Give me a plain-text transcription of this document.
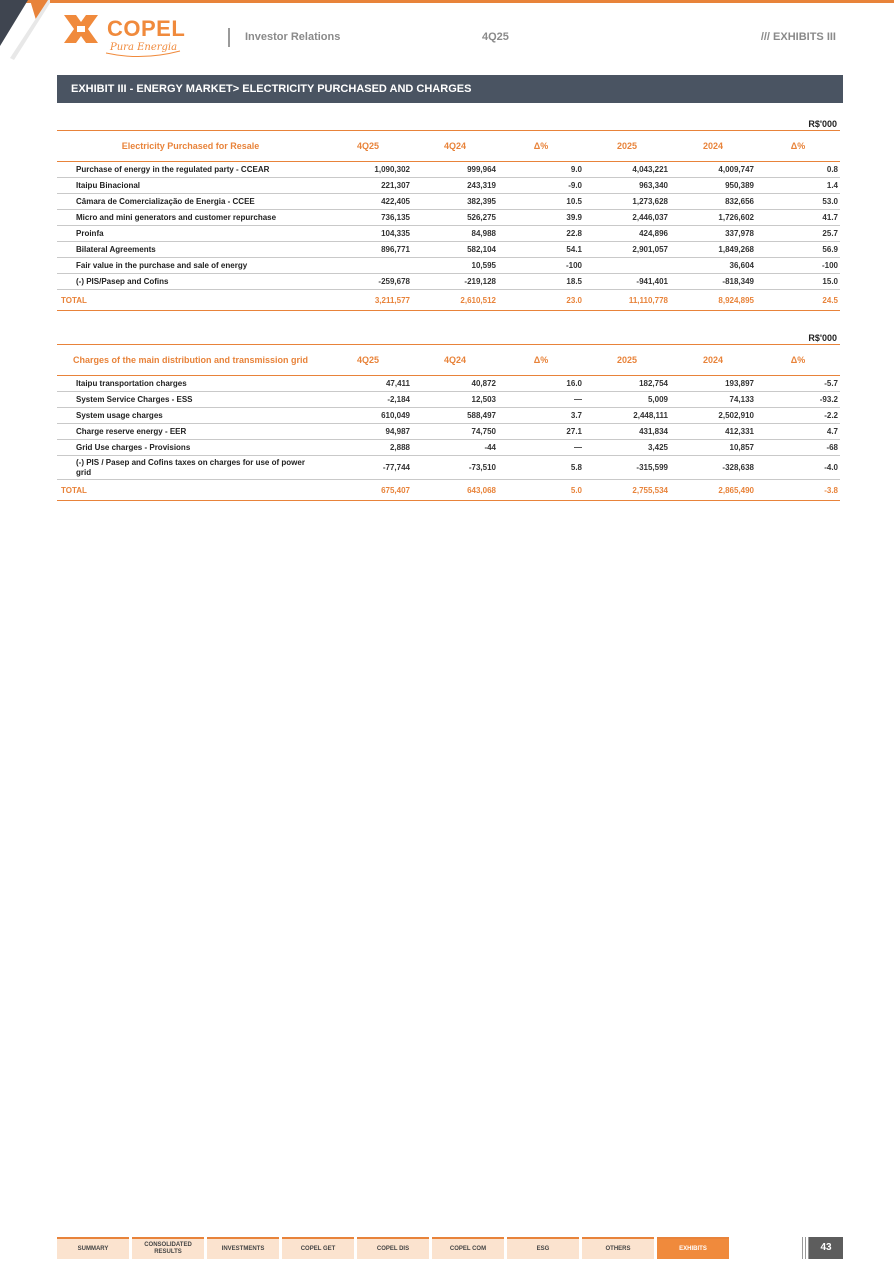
COPEL
Pura Energia
Investor Relations	4Q25	/// EXHIBITS III
EXHIBIT III - ENERGY MARKET> ELECTRICITY PURCHASED AND CHARGES
R$'000
Electricity Purchased for Resale	4Q25	4Q24	Δ%	2025	2024	Δ%
Purchase of energy in the regulated party - CCEAR	1,090,302	999,964	9.0	4,043,221	4,009,747	0.8
Itaipu Binacional	221,307	243,319	-9.0	963,340	950,389	1.4
Câmara de Comercialização de Energia - CCEE	422,405	382,395	10.5	1,273,628	832,656	53.0
Micro and mini generators and customer repurchase	736,135	526,275	39.9	2,446,037	1,726,602	41.7
Proinfa	104,335	84,988	22.8	424,896	337,978	25.7
Bilateral Agreements	896,771	582,104	54.1	2,901,057	1,849,268	56.9
Fair value in the purchase and sale of energy		10,595	-100		36,604	-100
(-) PIS/Pasep and Cofins	-259,678	-219,128	18.5	-941,401	-818,349	15.0
TOTAL	3,211,577	2,610,512	23.0	11,110,778	8,924,895	24.5
R$'000
Charges of the main distribution and transmission grid	4Q25	4Q24	Δ%	2025	2024	Δ%
Itaipu transportation charges	47,411	40,872	16.0	182,754	193,897	-5.7
System Service Charges - ESS	-2,184	12,503	—	5,009	74,133	-93.2
System usage charges	610,049	588,497	3.7	2,448,111	2,502,910	-2.2
Charge reserve energy - EER	94,987	74,750	27.1	431,834	412,331	4.7
Grid Use charges - Provisions	2,888	-44	—	3,425	10,857	-68
(-) PIS / Pasep and Cofins taxes on charges for use of power grid	-77,744	-73,510	5.8	-315,599	-328,638	-4.0
TOTAL	675,407	643,068	5.0	2,755,534	2,865,490	-3.8
SUMMARY
CONSOLIDATED RESULTS
INVESTMENTS	COPEL GET	COPEL DIS	COPEL COM	ESG	OTHERS	EXHIBITS	43
